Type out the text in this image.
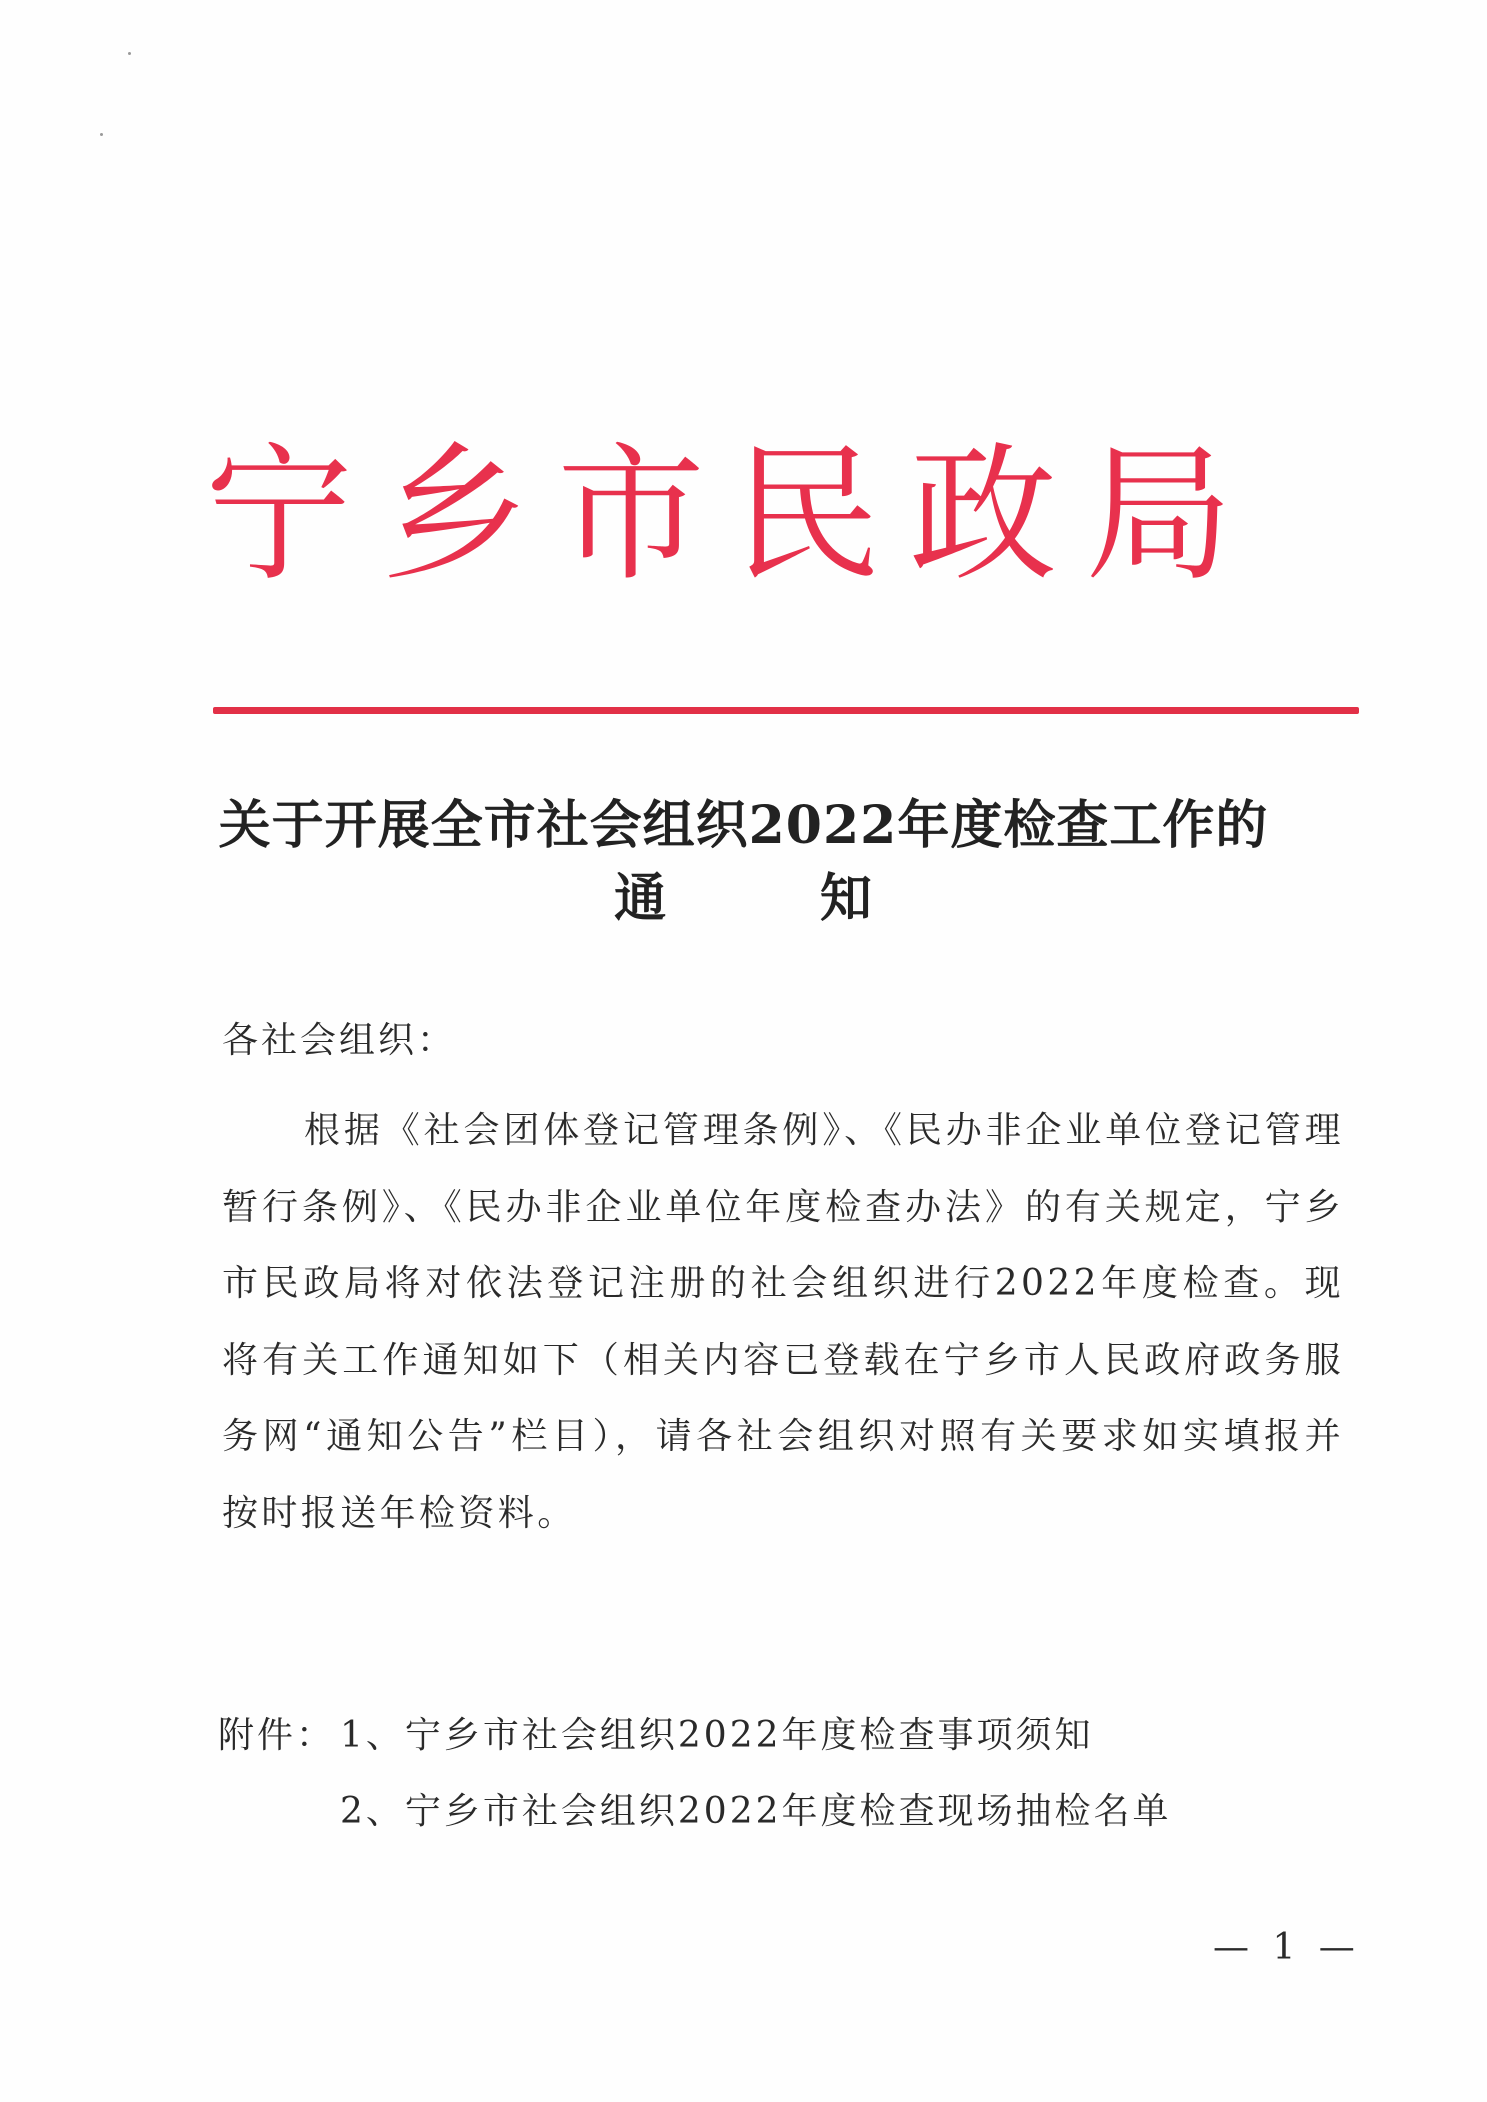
宁乡市民政局
关于开展全市社会组织2022年度检查工作的
通        知
各社会组织：
根据《社会团体登记管理条例》、《民办非企业单位登记管理暂行条例》、《民办非企业单位年度检查办法》的有关规定，宁乡市民政局将对依法登记注册的社会组织进行2022年度检查。现将有关工作通知如下（相关内容已登载在宁乡市人民政府政务服务网“通知公告”栏目），请各社会组织对照有关要求如实填报并按时报送年检资料。
附件： 1、宁乡市社会组织2022年度检查事项须知
2、宁乡市社会组织2022年度检查现场抽检名单
— 1 —
